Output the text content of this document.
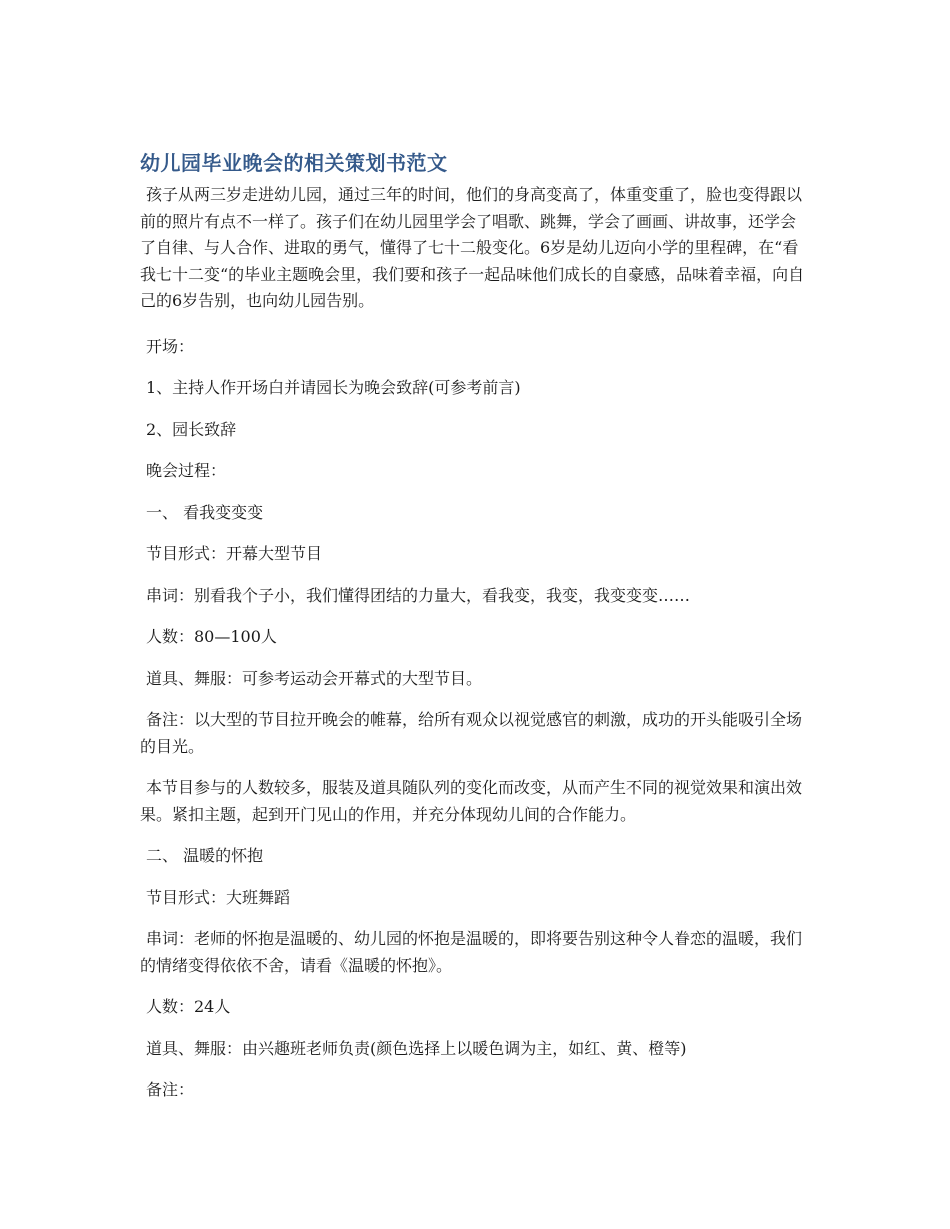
幼儿园毕业晚会的相关策划书范文

孩子从两三岁走进幼儿园，通过三年的时间，他们的身高变高了，体重变重了，脸也变得跟以前的照片有点不一样了。孩子们在幼儿园里学会了唱歌、跳舞，学会了画画、讲故事，还学会了自律、与人合作、进取的勇气，懂得了七十二般变化。6岁是幼儿迈向小学的里程碑，在“看我七十二变“的毕业主题晚会里，我们要和孩子一起品味他们成长的自豪感，品味着幸福，向自己的6岁告别，也向幼儿园告别。

开场：

1、主持人作开场白并请园长为晚会致辞(可参考前言)

2、园长致辞

晚会过程：

一、 看我变变变

节目形式：开幕大型节目

串词：别看我个子小，我们懂得团结的力量大，看我变，我变，我变变变……

人数：80—100人

道具、舞服：可参考运动会开幕式的大型节目。

备注：以大型的节目拉开晚会的帷幕，给所有观众以视觉感官的刺激，成功的开头能吸引全场的目光。

本节目参与的人数较多，服装及道具随队列的变化而改变，从而产生不同的视觉效果和演出效果。紧扣主题，起到开门见山的作用，并充分体现幼儿间的合作能力。

二、 温暖的怀抱

节目形式：大班舞蹈

串词：老师的怀抱是温暖的、幼儿园的怀抱是温暖的，即将要告别这种令人眷恋的温暖，我们的情绪变得依依不舍，请看《温暖的怀抱》。

人数：24人

道具、舞服：由兴趣班老师负责(颜色选择上以暖色调为主，如红、黄、橙等)

备注：
